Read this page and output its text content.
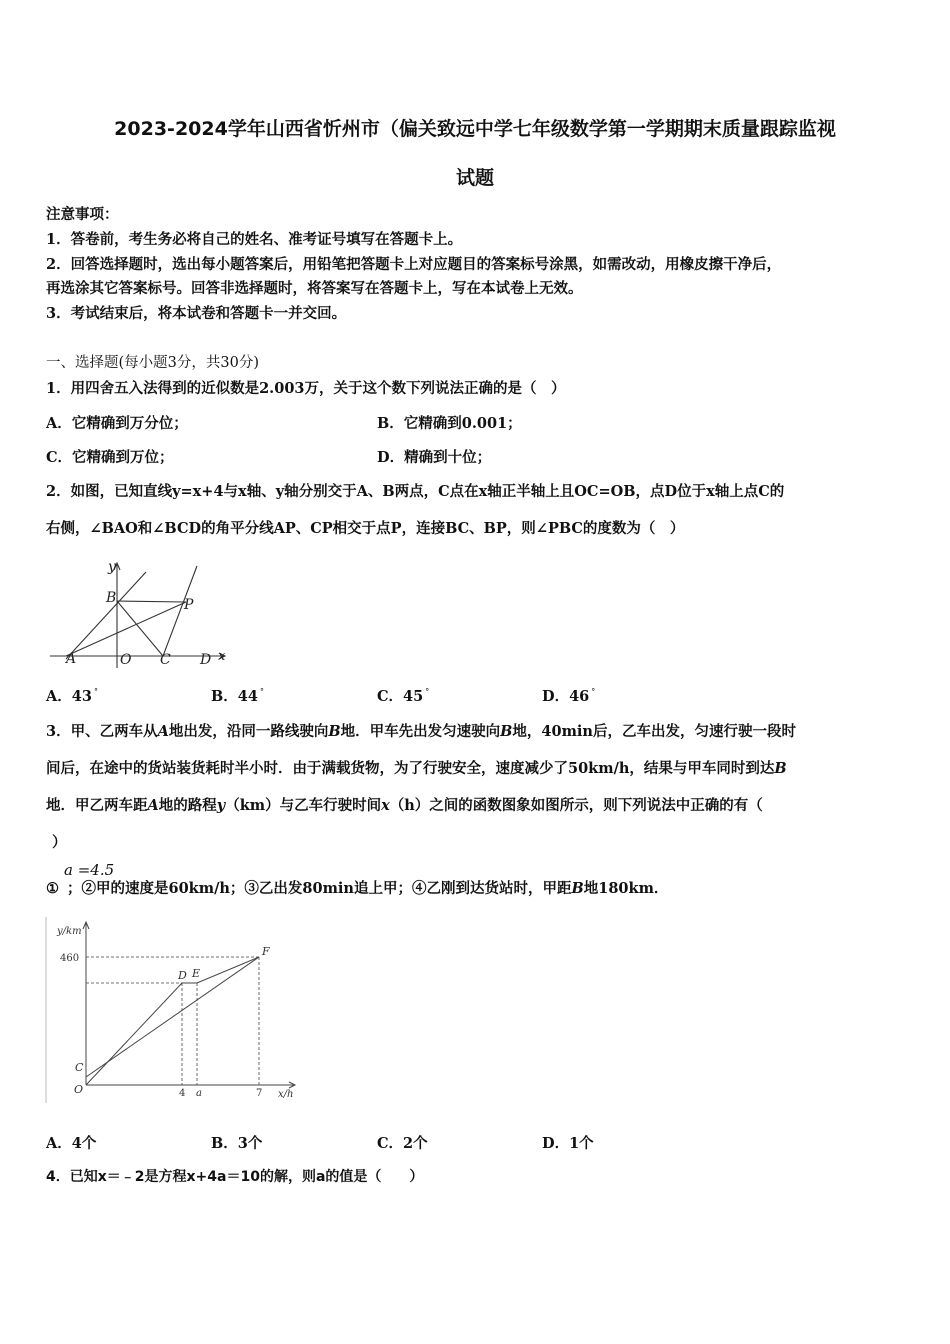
2023-2024学年山西省忻州市（偏关致远中学七年级数学第一学期期末质量跟踪监视
试题
注意事项：
1．答卷前，考生务必将自己的姓名、准考证号填写在答题卡上。
2．回答选择题时，选出每小题答案后，用铅笔把答题卡上对应题目的答案标号涂黑，如需改动，用橡皮擦干净后，
再选涂其它答案标号。回答非选择题时，将答案写在答题卡上，写在本试卷上无效。
3．考试结束后，将本试卷和答题卡一并交回。
一、选择题(每小题3分，共30分)
1．用四舍五入法得到的近似数是2.003万，关于这个数下列说法正确的是（　）
A．它精确到万分位；	B．它精确到0.001；
C．它精确到万位；	D．精确到十位；
2．如图，已知直线y=x+4与x轴、y轴分别交于A、B两点，C点在x轴正半轴上且OC=OB，点D位于x轴上点C的
右侧，∠BAO和∠BCD的角平分线AP、CP相交于点P，连接BC、BP，则∠PBC的度数为（　）
y
x
B	P
A	O C D
A．43 °	B．44 °	C．45 °	D．46 °
3．甲、乙两车从A地出发，沿同一路线驶向B地．甲车先出发匀速驶向B地，40min后，乙车出发，匀速行驶一段时
间后，在途中的货站装货耗时半小时．由于满载货物，为了行驶安全，速度减少了50km/h，结果与甲车同时到达B
地．甲乙两车距A地的路程y（km）与乙车行驶时间x（h）之间的函数图象如图所示，则下列说法中正确的有（
）
① ；②甲的速度是60km/h；③乙出发80min追上甲；④乙刚到达货站时，甲距B地180km．
a =4.5
y/km
x/h
C
O
D E
F
a
460
4	7
A．4个	B．3个	C．2个	D．1个
4．已知x＝﹣2是方程x+4a＝10的解，则a的值是（　　）
